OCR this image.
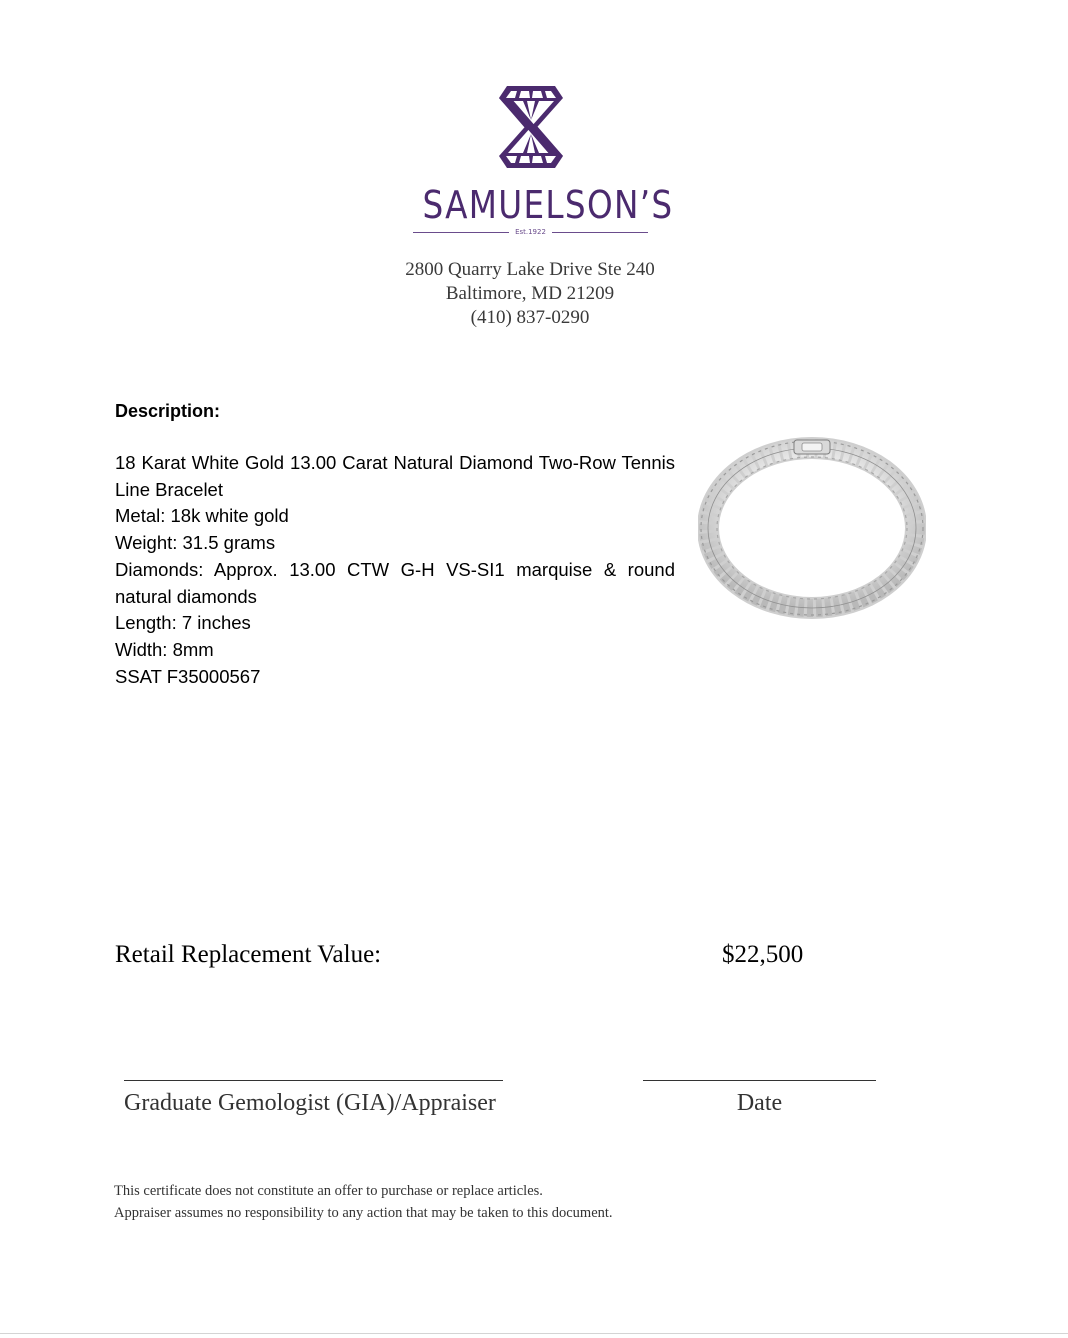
SAMUELSON’S
Est.1922
2800 Quarry Lake Drive Ste 240
Baltimore, MD 21209
(410) 837-0290
Description:

18 Karat White Gold 13.00 Carat Natural Diamond Two-Row Tennis Line Bracelet

Metal: 18k white gold

Weight: 31.5 grams

Diamonds: Approx. 13.00 CTW G-H VS-SI1 marquise & round natural diamonds

Length: 7 inches

Width: 8mm

SSAT F35000567

Retail Replacement Value:	$22,500
Graduate Gemologist (GIA)/Appraiser	Date
This certificate does not constitute an offer to purchase or replace articles.
Appraiser assumes no responsibility to any action that may be taken to this document.
